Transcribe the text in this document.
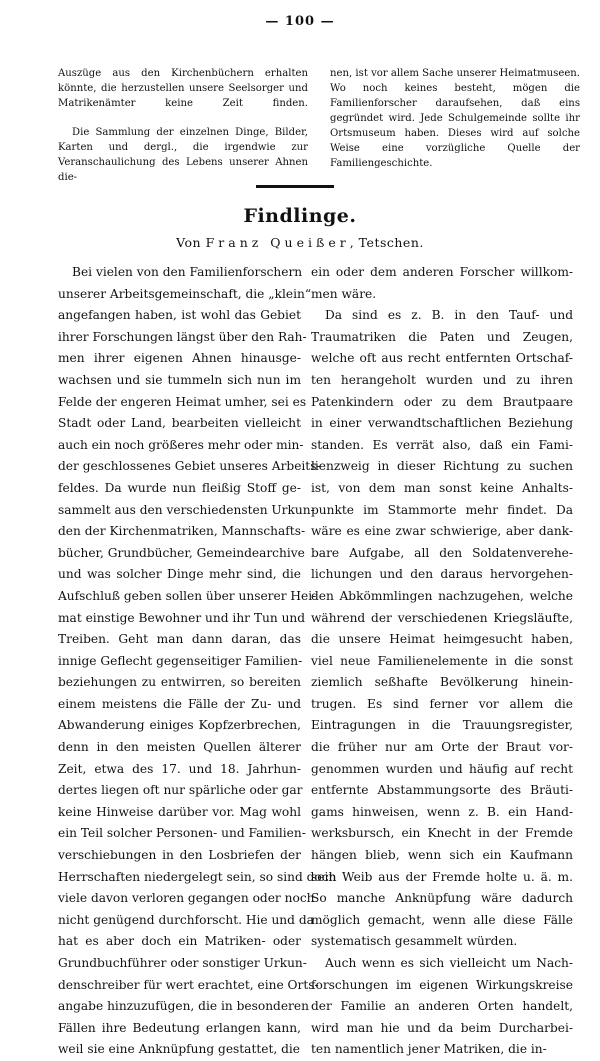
— 100 —

Auszüge aus den Kirchenbüchern erhalten könnte, die herzustellen unsere Seelsorger und Matrikenämter keine Zeit finden.

Die Sammlung der einzelnen Dinge, Bilder, Karten und dergl., die irgendwie zur Veranschaulichung des Lebens unserer Ahnen die-

nen, ist vor allem Sache unserer Heimatmuseen. Wo noch keines besteht, mögen die Familienforscher daraufsehen, daß eins gegründet wird. Jede Schulgemeinde sollte ihr Ortsmuseum haben. Dieses wird auf solche Weise eine vorzügliche Quelle der Familiengeschichte.

Findlinge.
Von Franz Queißer, Tetschen.
Bei vielen von den Familienforschern
unserer Arbeitsgemeinschaft, die „klein“
angefangen haben, ist wohl das Gebiet
ihrer Forschungen längst über den Rah-
men ihrer eigenen Ahnen hinausge-
wachsen und sie tummeln sich nun im
Felde der engeren Heimat umher, sei es
Stadt oder Land, bearbeiten vielleicht
auch ein noch größeres mehr oder min-
der geschlossenes Gebiet unseres Arbeits-
feldes. Da wurde nun fleißig Stoff ge-
sammelt aus den verschiedensten Urkun-
den der Kirchenmatriken, Mannschafts-
bücher, Grundbücher, Gemeindearchive
und was solcher Dinge mehr sind, die
Aufschluß geben sollen über unserer Hei-
mat einstige Bewohner und ihr Tun und
Treiben. Geht man dann daran, das
innige Geflecht gegenseitiger Familien-
beziehungen zu entwirren, so bereiten
einem meistens die Fälle der Zu- und
Abwanderung einiges Kopfzerbrechen,
denn in den meisten Quellen älterer
Zeit, etwa des 17. und 18. Jahrhun-
dertes liegen oft nur spärliche oder gar
keine Hinweise darüber vor. Mag wohl
ein Teil solcher Personen- und Familien-
verschiebungen in den Losbriefen der
Herrschaften niedergelegt sein, so sind doch
viele davon verloren gegangen oder noch
nicht genügend durchforscht. Hie und da
hat es aber doch ein Matriken- oder
Grundbuchführer oder sonstiger Urkun-
denschreiber für wert erachtet, eine Orts-
angabe hinzuzufügen, die in besonderen
Fällen ihre Bedeutung erlangen kann,
weil sie eine Anknüpfung gestattet, die
ein oder dem anderen Forscher willkom-
men wäre.
Da sind es z. B. in den Tauf- und
Traumatriken die Paten und Zeugen,
welche oft aus recht entfernten Ortschaf-
ten herangeholt wurden und zu ihren
Patenkindern oder zu dem Brautpaare
in einer verwandtschaftlichen Beziehung
standen. Es verrät also, daß ein Fami-
lienzweig in dieser Richtung zu suchen
ist, von dem man sonst keine Anhalts-
punkte im Stammorte mehr findet. Da
wäre es eine zwar schwierige, aber dank-
bare Aufgabe, all den Soldatenverehe-
lichungen und den daraus hervorgehen-
den Abkömmlingen nachzugehen, welche
während der verschiedenen Kriegsläufte,
die unsere Heimat heimgesucht haben,
viel neue Familienelemente in die sonst
ziemlich seßhafte Bevölkerung hinein-
trugen. Es sind ferner vor allem die
Eintragungen in die Trauungsregister,
die früher nur am Orte der Braut vor-
genommen wurden und häufig auf recht
entfernte Abstammungsorte des Bräuti-
gams hinweisen, wenn z. B. ein Hand-
werksbursch, ein Knecht in der Fremde
hängen blieb, wenn sich ein Kaufmann
sein Weib aus der Fremde holte u. ä. m.
So manche Anknüpfung wäre dadurch
möglich gemacht, wenn alle diese Fälle
systematisch gesammelt würden.
Auch wenn es sich vielleicht um Nach-
forschungen im eigenen Wirkungskreise
der Familie an anderen Orten handelt,
wird man hie und da beim Durcharbei-
ten namentlich jener Matriken, die in-
